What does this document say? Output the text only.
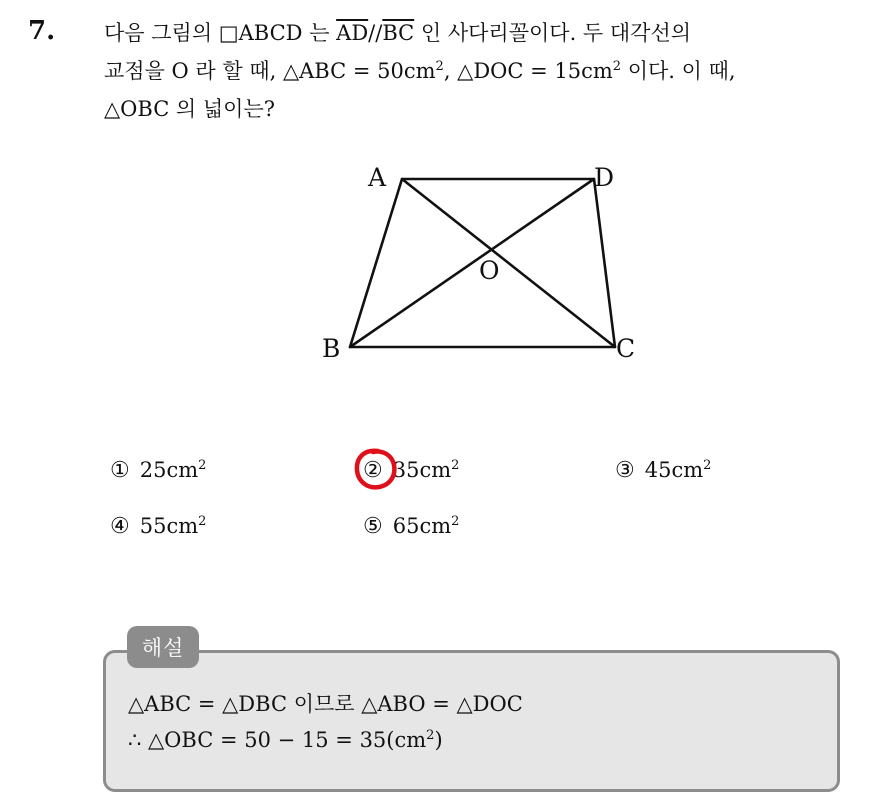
7. 다음 그림의 □ABCD 는 $\overline{AD}//\overline{BC}$ 인 사다리꼴이다. 두 대각선의
교점을 O 라 할 때, △ABC = $50cm^2$, △DOC = $15cm^2$ 이다. 이 때,
△OBC 의 넓이는?
A	D
B	C
O
① $25cm^2$	② $35cm^2$	③ $45cm^2$
④ $55cm^2$	⑤ $65cm^2$
해설
△ABC = △DBC 이므로 △ABO = △DOC
∴ △OBC = $50 - 15 = 35(cm^2)$
